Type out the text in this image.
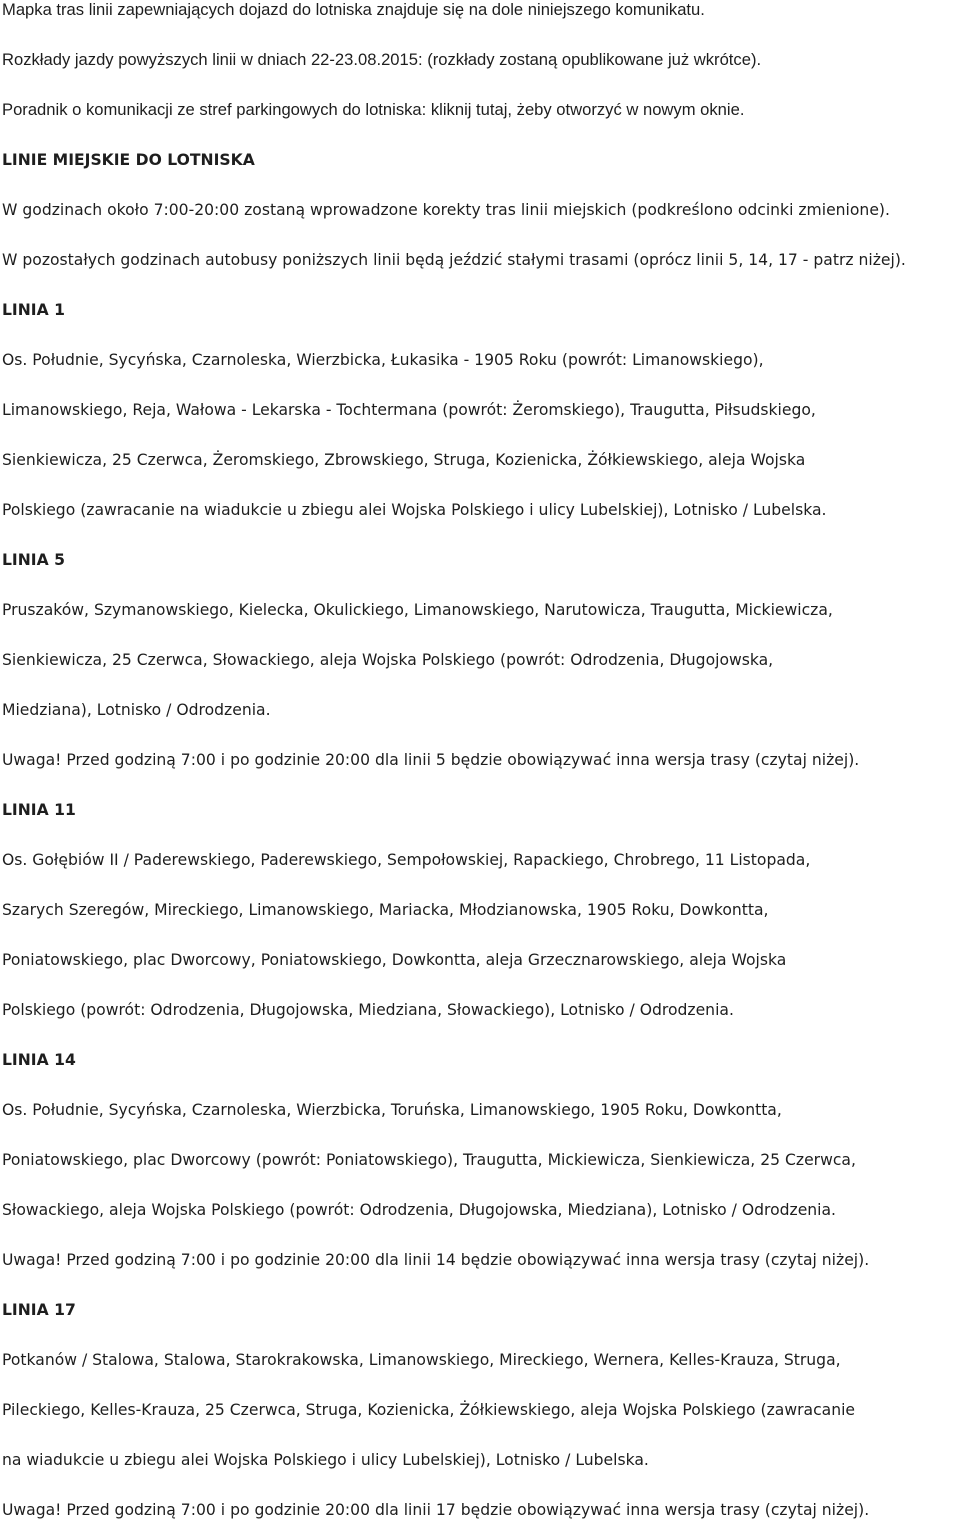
Mapka tras linii zapewniających dojazd do lotniska znajduje się na dole niniejszego komunikatu.
Rozkłady jazdy powyższych linii w dniach 22-23.08.2015: (rozkłady zostaną opublikowane już wkrótce).
Poradnik o komunikacji ze stref parkingowych do lotniska: kliknij tutaj, żeby otworzyć w nowym oknie.
LINIE MIEJSKIE DO LOTNISKA
W godzinach około 7:00-20:00 zostaną wprowadzone korekty tras linii miejskich (podkreślono odcinki zmienione).
W pozostałych godzinach autobusy poniższych linii będą jeździć stałymi trasami (oprócz linii 5, 14, 17 - patrz niżej).
LINIA 1
Os. Południe, Sycyńska, Czarnoleska, Wierzbicka, Łukasika - 1905 Roku (powrót: Limanowskiego),
Limanowskiego, Reja, Wałowa - Lekarska - Tochtermana (powrót: Żeromskiego), Traugutta, Piłsudskiego,
Sienkiewicza, 25 Czerwca, Żeromskiego, Zbrowskiego, Struga, Kozienicka, Żółkiewskiego, aleja Wojska
Polskiego (zawracanie na wiadukcie u zbiegu alei Wojska Polskiego i ulicy Lubelskiej), Lotnisko / Lubelska.
LINIA 5
Pruszaków, Szymanowskiego, Kielecka, Okulickiego, Limanowskiego, Narutowicza, Traugutta, Mickiewicza,
Sienkiewicza, 25 Czerwca, Słowackiego, aleja Wojska Polskiego (powrót: Odrodzenia, Długojowska,
Miedziana), Lotnisko / Odrodzenia.
Uwaga! Przed godziną 7:00 i po godzinie 20:00 dla linii 5 będzie obowiązywać inna wersja trasy (czytaj niżej).
LINIA 11
Os. Gołębiów II / Paderewskiego, Paderewskiego, Sempołowskiej, Rapackiego, Chrobrego, 11 Listopada,
Szarych Szeregów, Mireckiego, Limanowskiego, Mariacka, Młodzianowska, 1905 Roku, Dowkontta,
Poniatowskiego, plac Dworcowy, Poniatowskiego, Dowkontta, aleja Grzecznarowskiego, aleja Wojska
Polskiego (powrót: Odrodzenia, Długojowska, Miedziana, Słowackiego), Lotnisko / Odrodzenia.
LINIA 14
Os. Południe, Sycyńska, Czarnoleska, Wierzbicka, Toruńska, Limanowskiego, 1905 Roku, Dowkontta,
Poniatowskiego, plac Dworcowy (powrót: Poniatowskiego), Traugutta, Mickiewicza, Sienkiewicza, 25 Czerwca,
Słowackiego, aleja Wojska Polskiego (powrót: Odrodzenia, Długojowska, Miedziana), Lotnisko / Odrodzenia.
Uwaga! Przed godziną 7:00 i po godzinie 20:00 dla linii 14 będzie obowiązywać inna wersja trasy (czytaj niżej).
LINIA 17
Potkanów / Stalowa, Stalowa, Starokrakowska, Limanowskiego, Mireckiego, Wernera, Kelles-Krauza, Struga,
Pileckiego, Kelles-Krauza, 25 Czerwca, Struga, Kozienicka, Żółkiewskiego, aleja Wojska Polskiego (zawracanie
na wiadukcie u zbiegu alei Wojska Polskiego i ulicy Lubelskiej), Lotnisko / Lubelska.
Uwaga! Przed godziną 7:00 i po godzinie 20:00 dla linii 17 będzie obowiązywać inna wersja trasy (czytaj niżej).
